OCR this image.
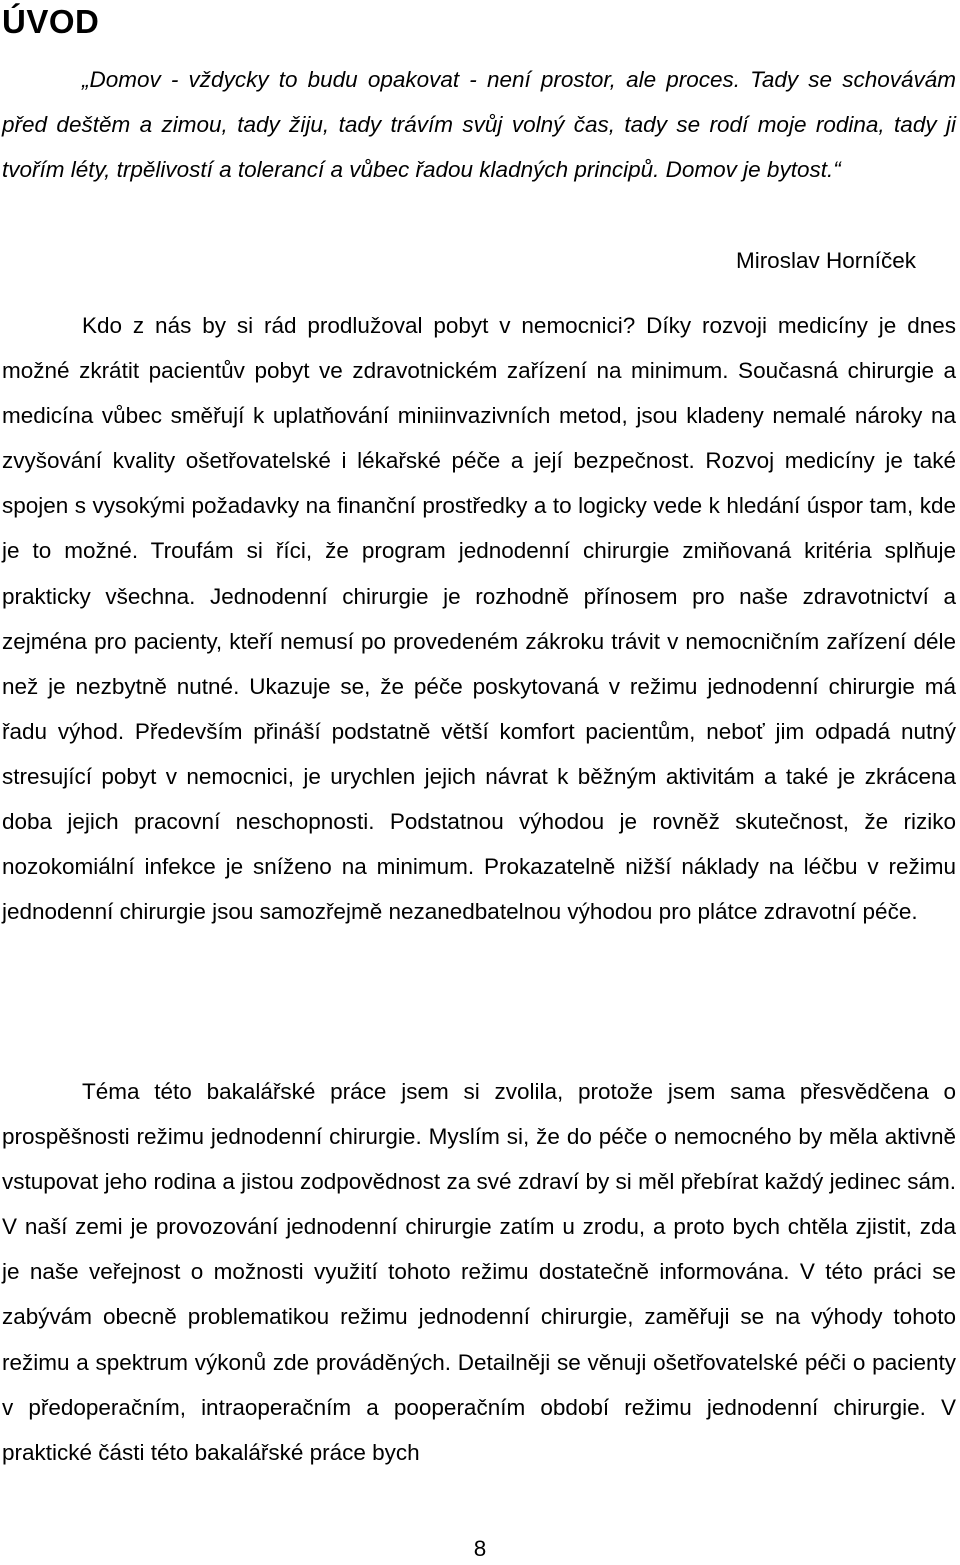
ÚVOD

„Domov - vždycky to budu opakovat - není prostor, ale proces. Tady se schovávám před deštěm a zimou, tady žiju, tady trávím svůj volný čas, tady se rodí moje rodina, tady ji tvořím léty, trpělivostí a tolerancí a vůbec řadou kladných principů. Domov je bytost.“

Miroslav Horníček

Kdo z nás by si rád prodlužoval pobyt v nemocnici? Díky rozvoji medicíny je dnes možné zkrátit pacientův pobyt ve zdravotnickém zařízení na minimum. Současná chirurgie a medicína vůbec směřují k uplatňování miniinvazivních metod, jsou kladeny nemalé nároky na zvyšování kvality ošetřovatelské i lékařské péče a její bezpečnost. Rozvoj medicíny je také spojen s vysokými požadavky na finanční prostředky a to logicky vede k hledání úspor tam, kde je to možné. Troufám si říci, že program jednodenní chirurgie zmiňovaná kritéria splňuje prakticky všechna. Jednodenní chirurgie je rozhodně přínosem pro naše zdravotnictví a zejména pro pacienty, kteří nemusí po provedeném zákroku trávit v nemocničním zařízení déle než je nezbytně nutné. Ukazuje se, že péče poskytovaná v režimu jednodenní chirurgie má řadu výhod. Především přináší podstatně větší komfort pacientům, neboť jim odpadá nutný stresující pobyt v nemocnici, je urychlen jejich návrat k běžným aktivitám a také je zkrácena doba jejich pracovní neschopnosti. Podstatnou výhodou je rovněž skutečnost, že riziko nozokomiální infekce je sníženo na minimum. Prokazatelně nižší náklady na léčbu v režimu jednodenní chirurgie jsou samozřejmě nezanedbatelnou výhodou pro plátce zdravotní péče.

Téma této bakalářské práce jsem si zvolila, protože jsem sama přesvědčena o prospěšnosti režimu jednodenní chirurgie. Myslím si, že do péče o nemocného by měla aktivně vstupovat jeho rodina a jistou zodpovědnost za své zdraví by si měl přebírat každý jedinec sám. V naší zemi je provozování jednodenní chirurgie zatím u zrodu, a proto bych chtěla zjistit, zda je naše veřejnost o možnosti využití tohoto režimu dostatečně informována. V této práci se zabývám obecně problematikou režimu jednodenní chirurgie, zaměřuji se na výhody tohoto režimu a spektrum výkonů zde prováděných. Detailněji se věnuji ošetřovatelské péči o pacienty v předoperačním, intraoperačním a pooperačním období režimu jednodenní chirurgie. V praktické části této bakalářské práce bych

8
